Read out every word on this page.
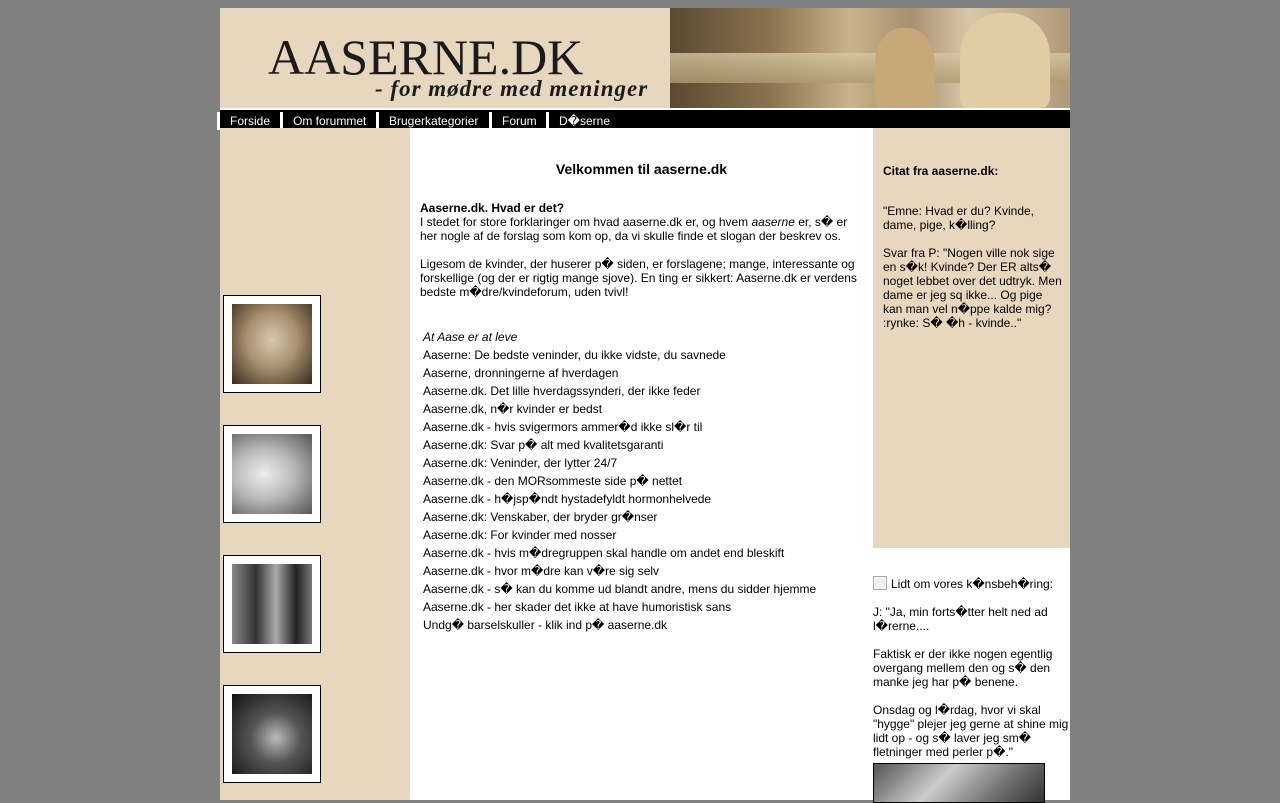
AASERNE.DK
- for mødre med meninger
Forside	Om forummet	Brugerkategorier	Forum	D�serne
Velkommen til aaserne.dk
Aaserne.dk. Hvad er det?
I stedet for store forklaringer om hvad aaserne.dk er, og hvem aaserne er, s� er her nogle af de forslag som kom op, da vi skulle finde et slogan der beskrev os.
Ligesom de kvinder, der huserer p� siden, er forslagene; mange, interessante og forskellige (og der er rigtig mange sjove). En ting er sikkert: Aaserne.dk er verdens bedste m�dre/kvindeforum, uden tvivl!
At Aase er at leve
Aaserne: De bedste veninder, du ikke vidste, du savnede
Aaserne, dronningerne af hverdagen
Aaserne.dk. Det lille hverdagssynderi, der ikke feder
Aaserne.dk, n�r kvinder er bedst
Aaserne.dk - hvis svigermors ammer�d ikke sl�r til
Aaserne.dk: Svar p� alt med kvalitetsgaranti
Aaserne.dk: Veninder, der lytter 24/7
Aaserne.dk - den MORsommeste side p� nettet
Aaserne.dk - h�jsp�ndt hystadefyldt hormonhelvede
Aaserne.dk: Venskaber, der bryder gr�nser
Aaserne.dk: For kvinder med nosser
Aaserne.dk - hvis m�dregruppen skal handle om andet end bleskift
Aaserne.dk - hvor m�dre kan v�re sig selv
Aaserne.dk - s� kan du komme ud blandt andre, mens du sidder hjemme
Aaserne.dk - her skader det ikke at have humoristisk sans
Undg� barselskuller - klik ind p� aaserne.dk
Citat fra aaserne.dk:
"Emne: Hvad er du? Kvinde, dame, pige, k�lling?

Svar fra P: "Nogen ville nok sige en s�k! Kvinde? Der ER alts� noget lebbet over det udtryk. Men dame er jeg sq ikke... Og pige kan man vel n�ppe kalde mig? :rynke: S� �h - kvinde.."
Lidt om vores k�nsbeh�ring:

J: "Ja, min forts�tter helt ned ad l�rerne....

Faktisk er der ikke nogen egentlig overgang mellem den og s� den manke jeg har p� benene.

Onsdag og l�rdag, hvor vi skal "hygge" plejer jeg gerne at shine mig lidt op - og s� laver jeg sm� fletninger med perler p�."
